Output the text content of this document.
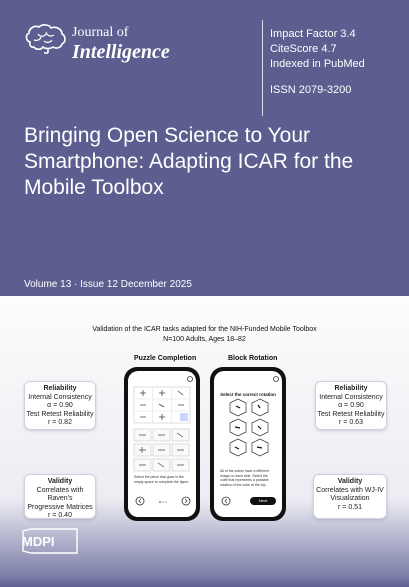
Journal of
Intelligence
Impact Factor 3.4
CiteScore 4.7
Indexed in PubMed
ISSN 2079-3200
Bringing Open Science to Your Smartphone: Adapting ICAR for the Mobile Toolbox
Volume 13 · Issue 12 December 2025
Validation of the ICAR tasks adapted for the NIH-Funded Mobile Toolbox
N=100 Adults, Ages 18–82
Puzzle Completion	Block Rotation
Select the piece that goes in the empty space to complete the figure.
Select the correct rotation
Next
All of the cubes have a different image on each side. Select the cube that represents a possible rotation of the cube at the top.
Reliability
Internal Consistency
α = 0.90
Test Retest Reliability
r = 0.82
Validity
Correlates with Raven's
Progressive Matrices
r = 0.40
Reliability
Internal Consistency
α = 0.90
Test Retest Reliability
r = 0.63
Validity
Correlates with WJ-IV
Visualization
r = 0.51
MDPI
